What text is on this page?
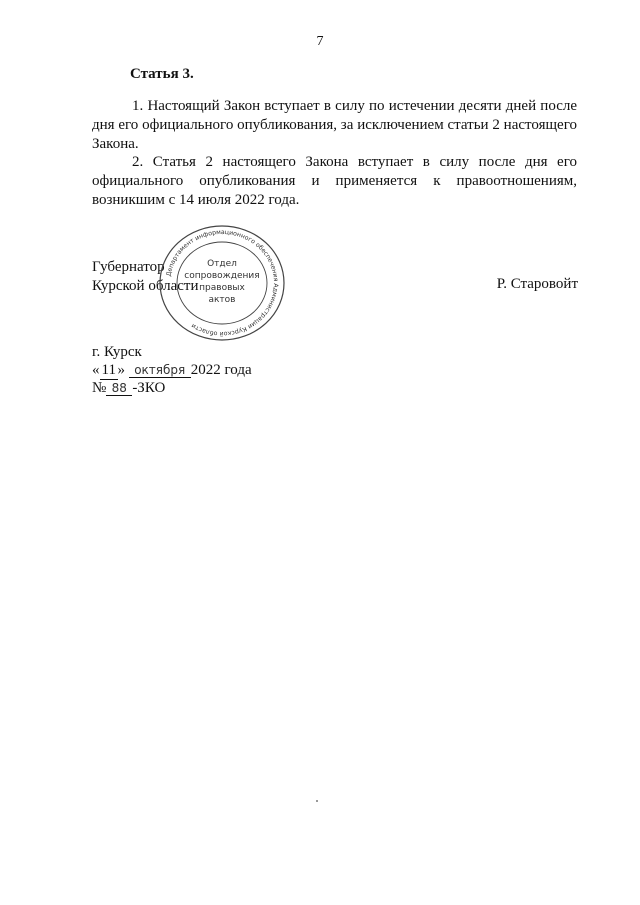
7
Статья 3.
1. Настоящий Закон вступает в силу по истечении десяти дней после дня его официального опубликования, за исключением статьи 2 настоящего Закона.
2. Статья 2 настоящего Закона вступает в силу после дня его официального опубликования и применяется к правоотношениям, возникшим с 14 июля 2022 года.
Губернатор
Курской области
Департамент информационного обеспечения Администрации Курской области
Отдел
сопровождения
правовых
актов
Р. Старовойт
г. Курск
« 11 » октября 2022 года
№ 88 -ЗКО
